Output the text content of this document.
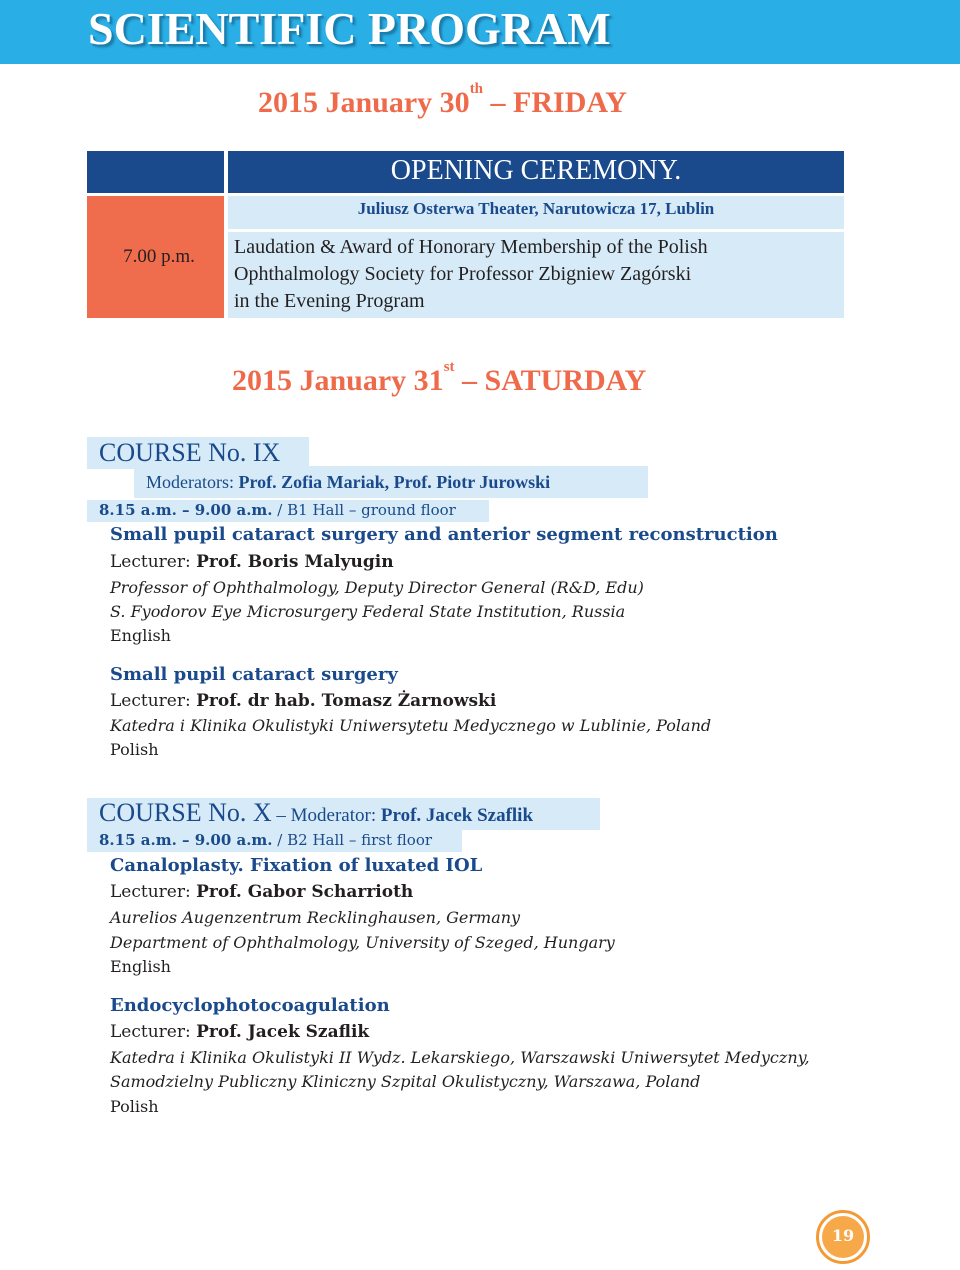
SCIENTIFIC PROGRAM
2015 January 30th – FRIDAY
OPENING CEREMONY.
7.00 p.m.
Juliusz Osterwa Theater, Narutowicza 17, Lublin
Laudation & Award of Honorary Membership of the Polish
Ophthalmology Society for Professor Zbigniew Zagórski
in the Evening Program
2015 January 31st – SATURDAY
COURSE No. IX
Moderators: Prof. Zofia Mariak, Prof. Piotr Jurowski
8.15 a.m. – 9.00 a.m. / B1 Hall – ground floor
Small pupil cataract surgery and anterior segment reconstruction
Lecturer: Prof. Boris Malyugin
Professor of Ophthalmology, Deputy Director General (R&D, Edu)
S. Fyodorov Eye Microsurgery Federal State Institution, Russia
English
Small pupil cataract surgery
Lecturer: Prof. dr hab. Tomasz Żarnowski
Katedra i Klinika Okulistyki Uniwersytetu Medycznego w Lublinie, Poland
Polish
COURSE No. X – Moderator: Prof. Jacek Szaflik
8.15 a.m. – 9.00 a.m. / B2 Hall – first floor
Canaloplasty. Fixation of luxated IOL
Lecturer: Prof. Gabor Scharrioth
Aurelios Augenzentrum Recklinghausen, Germany
Department of Ophthalmology, University of Szeged, Hungary
English
Endocyclophotocoagulation
Lecturer: Prof. Jacek Szaflik
Katedra i Klinika Okulistyki II Wydz. Lekarskiego, Warszawski Uniwersytet Medyczny,
Samodzielny Publiczny Kliniczny Szpital Okulistyczny, Warszawa, Poland
Polish
19
